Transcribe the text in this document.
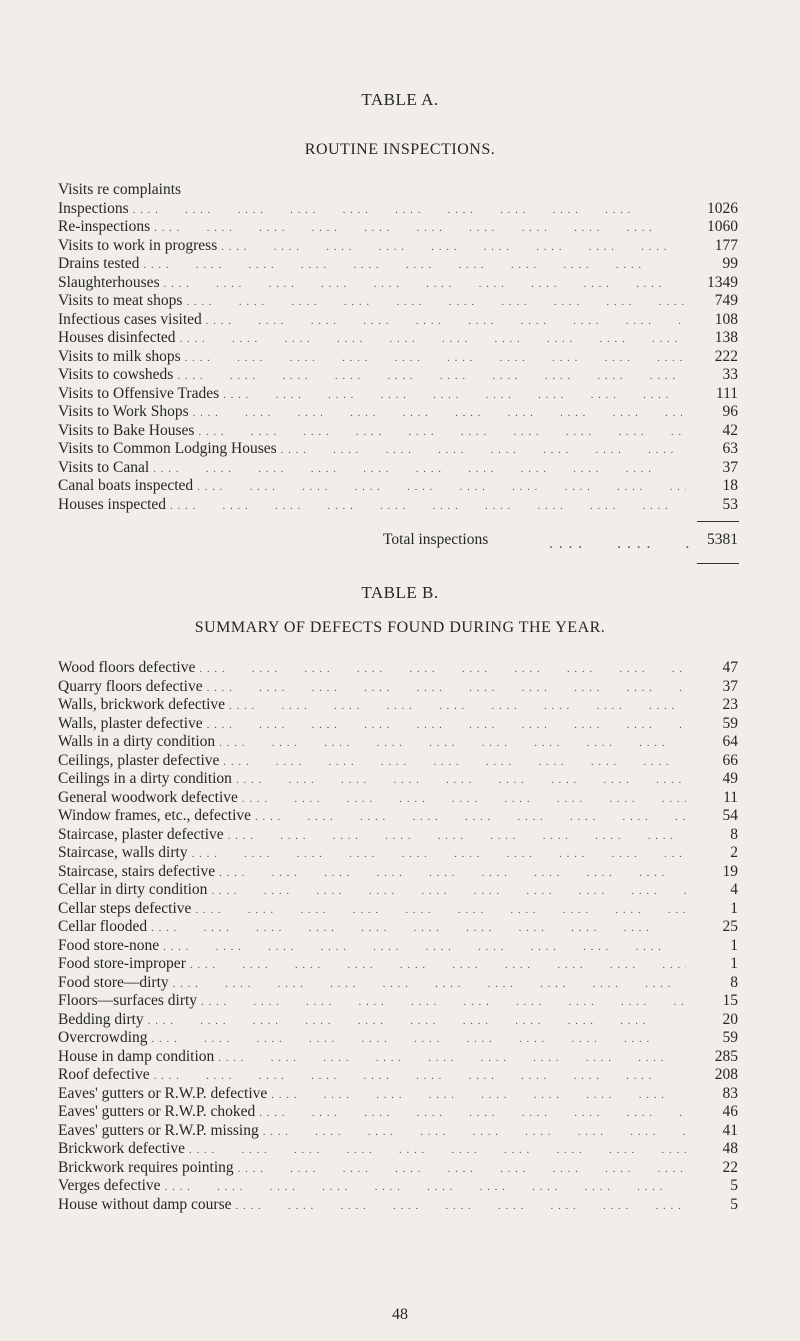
TABLE A.
ROUTINE INSPECTIONS.
Visits re complaints
Inspections . . .	1026
Re-inspections . . .	1060
Visits to work in progress . . .	177
Drains tested . . .	99
Slaughterhouses . . .	1349
Visits to meat shops . . .	749
Infectious cases visited . . .	108
Houses disinfected . . .	138
Visits to milk shops . . .	222
Visits to cowsheds . . .	33
Visits to Offensive Trades . . .	111
Visits to Work Shops . . .	96
Visits to Bake Houses . . .	42
Visits to Common Lodging Houses . . .	63
Visits to Canal . . .	37
Canal boats inspected . . .	18
Houses inspected . . .	53
Total inspections . . .	5381
TABLE B.
SUMMARY OF DEFECTS FOUND DURING THE YEAR.
Wood floors defective . . .	47
Quarry floors defective . . .	37
Walls, brickwork defective . . .	23
Walls, plaster defective . . .	59
Walls in a dirty condition . . .	64
Ceilings, plaster defective . . .	66
Ceilings in a dirty condition . . .	49
General woodwork defective . . .	11
Window frames, etc., defective . . .	54
Staircase, plaster defective . . .	8
Staircase, walls dirty . . .	2
Staircase, stairs defective . . .	19
Cellar in dirty condition . . .	4
Cellar steps defective . . .	1
Cellar flooded . . .	25
Food store-none . . .	1
Food store-improper . . .	1
Food store—dirty . . .	8
Floors—surfaces dirty . . .	15
Bedding dirty . . .	20
Overcrowding . . .	59
House in damp condition . . .	285
Roof defective . . .	208
Eaves' gutters or R.W.P. defective . . .	83
Eaves' gutters or R.W.P. choked . . .	46
Eaves' gutters or R.W.P. missing . . .	41
Brickwork defective . . .	48
Brickwork requires pointing . . .	22
Verges defective . . .	5
House without damp course . . .	5
48
